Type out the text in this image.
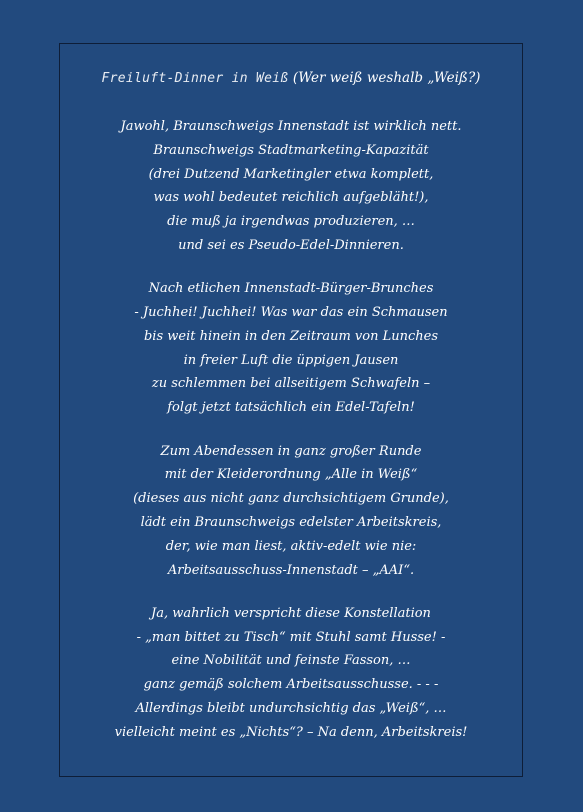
Freiluft-Dinner in Weiß (Wer weiß weshalb „Weiß?)
Jawohl, Braunschweigs Innenstadt ist wirklich nett.
Braunschweigs Stadtmarketing-Kapazität
(drei Dutzend Marketingler etwa komplett,
was wohl bedeutet reichlich aufgebläht!),
die muß ja irgendwas produzieren, …
und sei es Pseudo-Edel-Dinnieren.
Nach etlichen Innenstadt-Bürger-Brunches
- Juchhei! Juchhei! Was war das ein Schmausen
bis weit hinein in den Zeitraum von Lunches
in freier Luft die üppigen Jausen
zu schlemmen bei allseitigem Schwafeln –
folgt jetzt tatsächlich ein Edel-Tafeln!
Zum Abendessen in ganz großer Runde
mit der Kleiderordnung „Alle in Weiß“
(dieses aus nicht ganz durchsichtigem Grunde),
lädt ein Braunschweigs edelster Arbeitskreis,
der, wie man liest, aktiv-edelt wie nie:
Arbeitsausschuss-Innenstadt – „AAI“.
Ja, wahrlich verspricht diese Konstellation
- „man bittet zu Tisch“ mit Stuhl samt Husse! -
eine Nobilität und feinste Fasson, …
ganz gemäß solchem Arbeitsausschusse. - - -
Allerdings bleibt undurchsichtig das „Weiß“, …
vielleicht meint es „Nichts“? – Na denn, Arbeitskreis!
